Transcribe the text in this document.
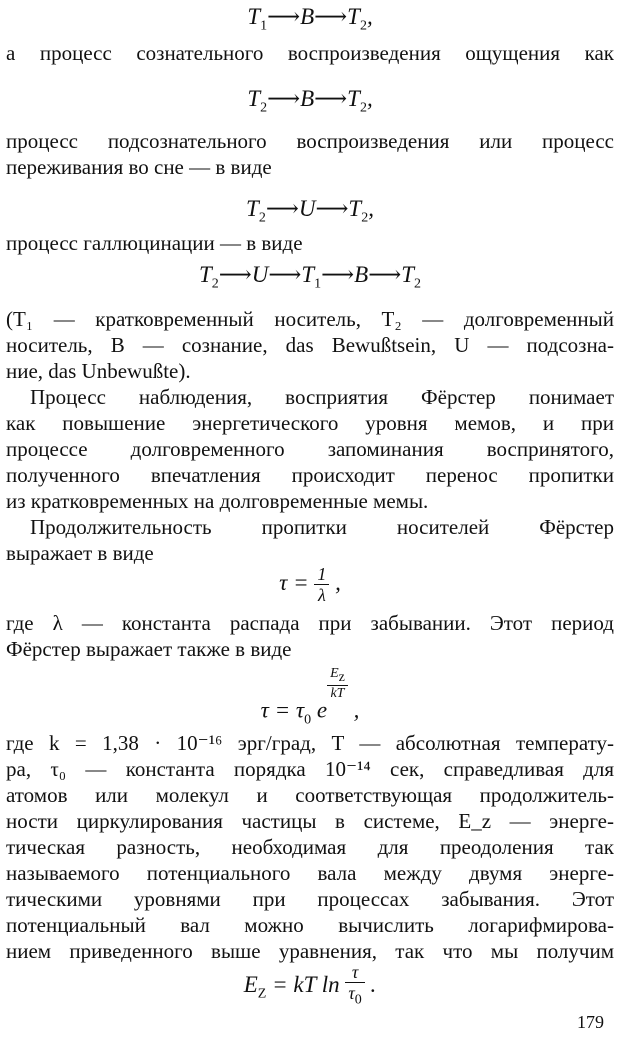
$T_1⟶B⟶T_2$,
а процесс сознательного воспроизведения ощущения как
$T_2⟶B⟶T_2$,
процесс подсознательного воспроизведения или процесс
переживания во сне — в виде
$T_2⟶U⟶T_2$,
процесс галлюцинации — в виде
$T_2⟶U⟶T_1⟶B⟶T_2$
(T₁ — кратковременный носитель, T₂ — долговременный
носитель, B — сознание, das Bewußtsein, U — подсозна-
ние, das Unbewußte).
Процесс наблюдения, восприятия Фёрстер понимает
как повышение энергетического уровня мемов, и при
процессе долговременного запоминания воспринятого,
полученного впечатления происходит перенос пропитки
из кратковременных на долговременные мемы.
Продолжительность пропитки носителей Фёрстер
выражает в виде
$\tau = \frac{1}{\lambda}$ ,
где λ — константа распада при забывании. Этот период
Фёрстер выражает также в виде
$\tau = \tau_0$ e
$^{\frac{E_z}{kT}}$
,
где k = 1,38 · 10⁻¹⁶ эрг/град, T — абсолютная температу-
ра, τ₀ — константа порядка 10⁻¹⁴ сек, справедливая для
атомов или молекул и соответствующая продолжитель-
ности циркулирования частицы в системе, E_z — энерге-
тическая разность, необходимая для преодоления так
называемого потенциального вала между двумя энерге-
тическими уровнями при процессах забывания. Этот
потенциальный вал можно вычислить логарифмирова-
нием приведенного выше уравнения, так что мы получим
$E_Z$ = kT $\ln \frac{\tau}{\tau_0}$ .
179
